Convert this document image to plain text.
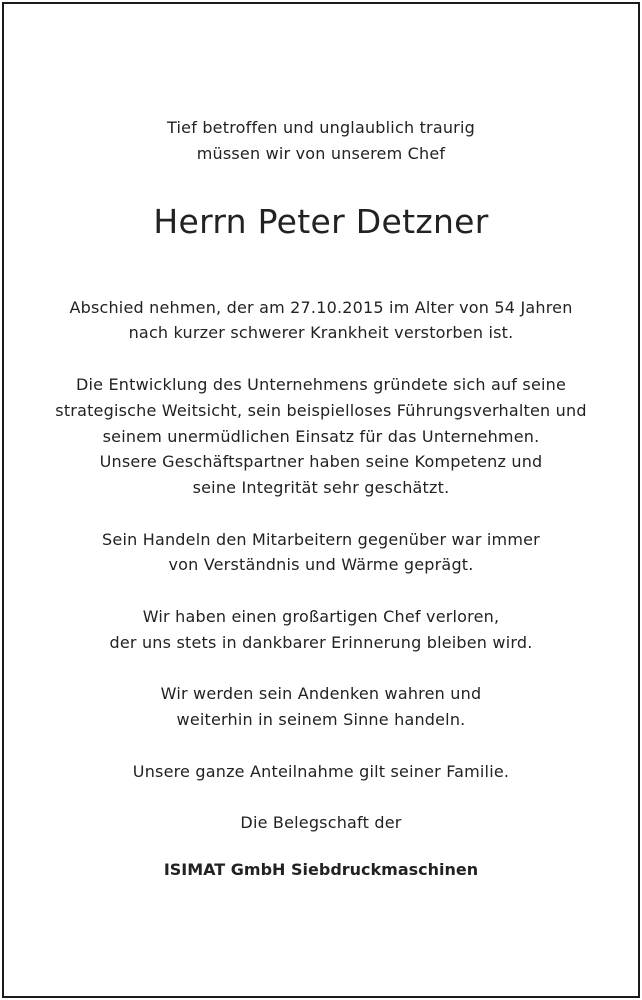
Tief betroffen und unglaublich traurig
müssen wir von unserem Chef
Herrn Peter Detzner
Abschied nehmen, der am 27.10.2015 im Alter von 54 Jahren
nach kurzer schwerer Krankheit verstorben ist.
Die Entwicklung des Unternehmens gründete sich auf seine
strategische Weitsicht, sein beispielloses Führungsverhalten und
seinem unermüdlichen Einsatz für das Unternehmen.
Unsere Geschäftspartner haben seine Kompetenz und
seine Integrität sehr geschätzt.
Sein Handeln den Mitarbeitern gegenüber war immer
von Verständnis und Wärme geprägt.
Wir haben einen großartigen Chef verloren,
der uns stets in dankbarer Erinnerung bleiben wird.
Wir werden sein Andenken wahren und
weiterhin in seinem Sinne handeln.
Unsere ganze Anteilnahme gilt seiner Familie.
Die Belegschaft der
ISIMAT GmbH Siebdruckmaschinen
